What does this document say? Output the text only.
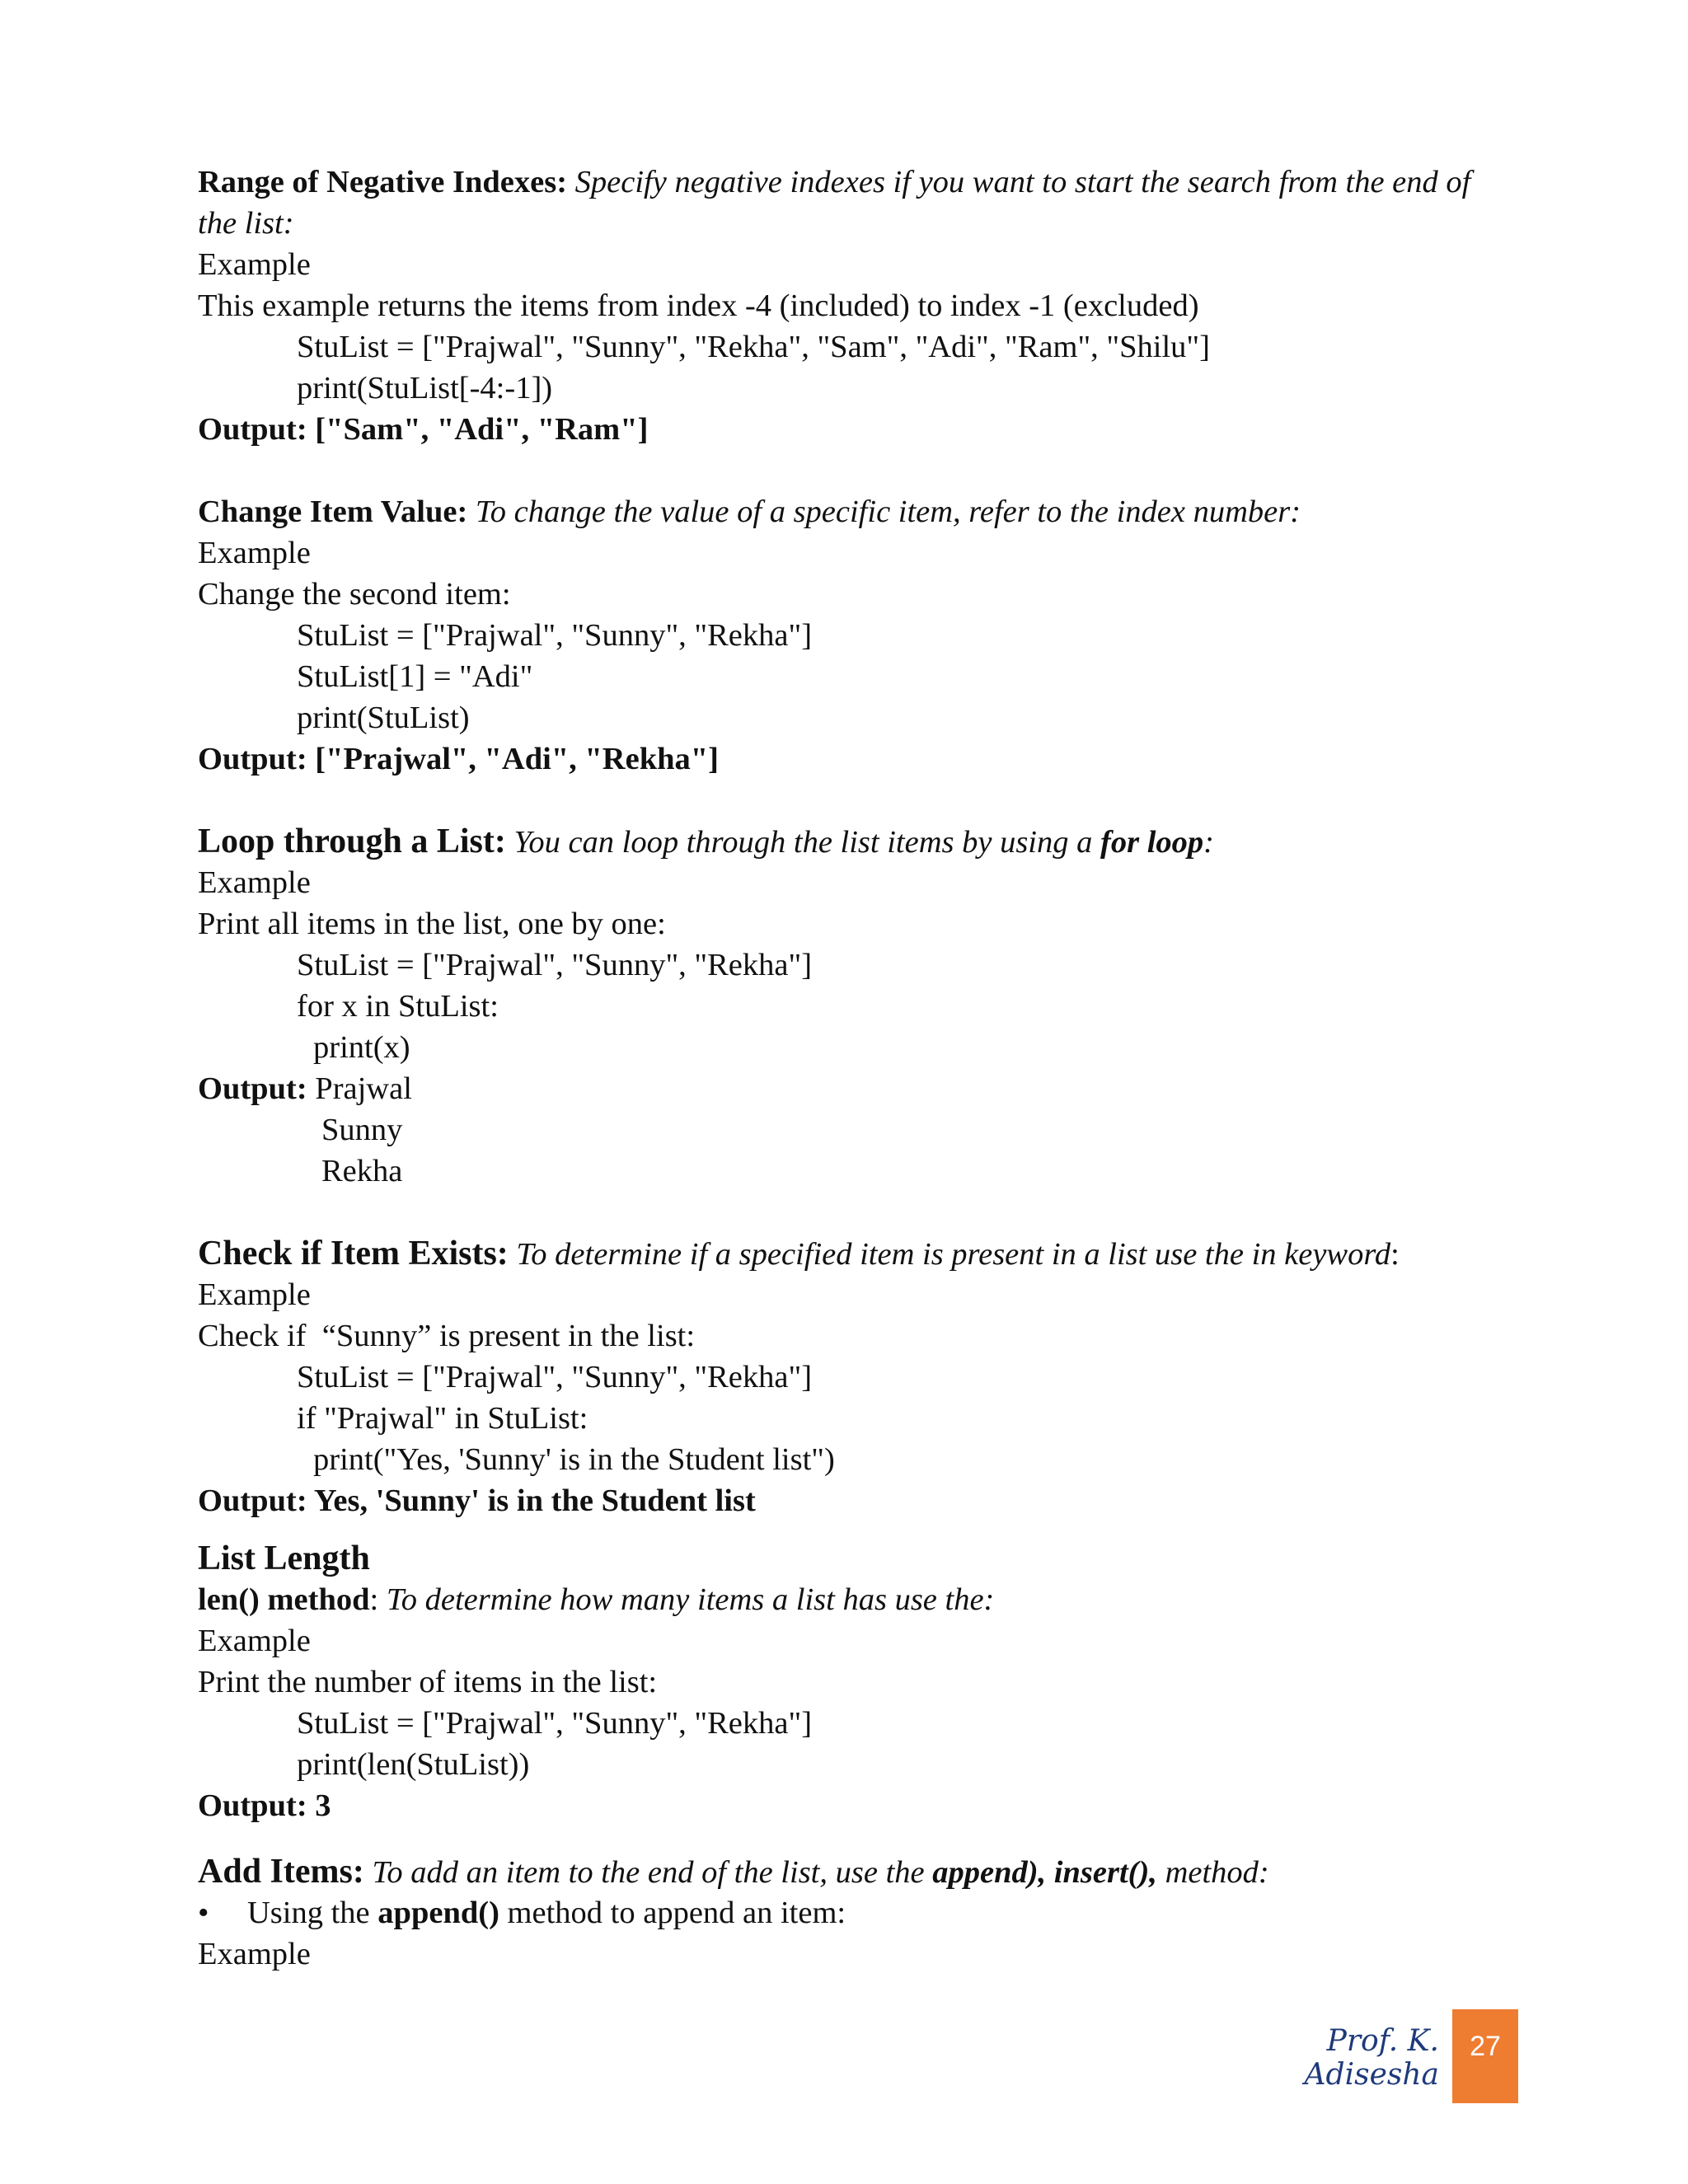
Range of Negative Indexes: Specify negative indexes if you want to start the search from the end of the list:
Example
This example returns the items from index -4 (included) to index -1 (excluded)
StuList = ["Prajwal", "Sunny", "Rekha", "Sam", "Adi", "Ram", "Shilu"]
print(StuList[-4:-1])
Output: ["Sam", "Adi", "Ram"]
Change Item Value: To change the value of a specific item, refer to the index number:
Example
Change the second item:
StuList = ["Prajwal", "Sunny", "Rekha"]
StuList[1] = "Adi"
print(StuList)
Output: ["Prajwal", "Adi", "Rekha"]
Loop through a List: You can loop through the list items by using a for loop:
Example
Print all items in the list, one by one:
StuList = ["Prajwal", "Sunny", "Rekha"]
for x in StuList:
print(x)
Output: Prajwal
Sunny
Rekha
Check if Item Exists: To determine if a specified item is present in a list use the in keyword:
Example
Check if  “Sunny” is present in the list:
StuList = ["Prajwal", "Sunny", "Rekha"]
if "Prajwal" in StuList:
print("Yes, 'Sunny' is in the Student list")
Output: Yes, 'Sunny' is in the Student list
List Length
len() method: To determine how many items a list has use the:
Example
Print the number of items in the list:
StuList = ["Prajwal", "Sunny", "Rekha"]
print(len(StuList))
Output: 3
Add Items: To add an item to the end of the list, use the append), insert(), method:
• Using the append() method to append an item:
Example
Prof. K. Adisesha
27
